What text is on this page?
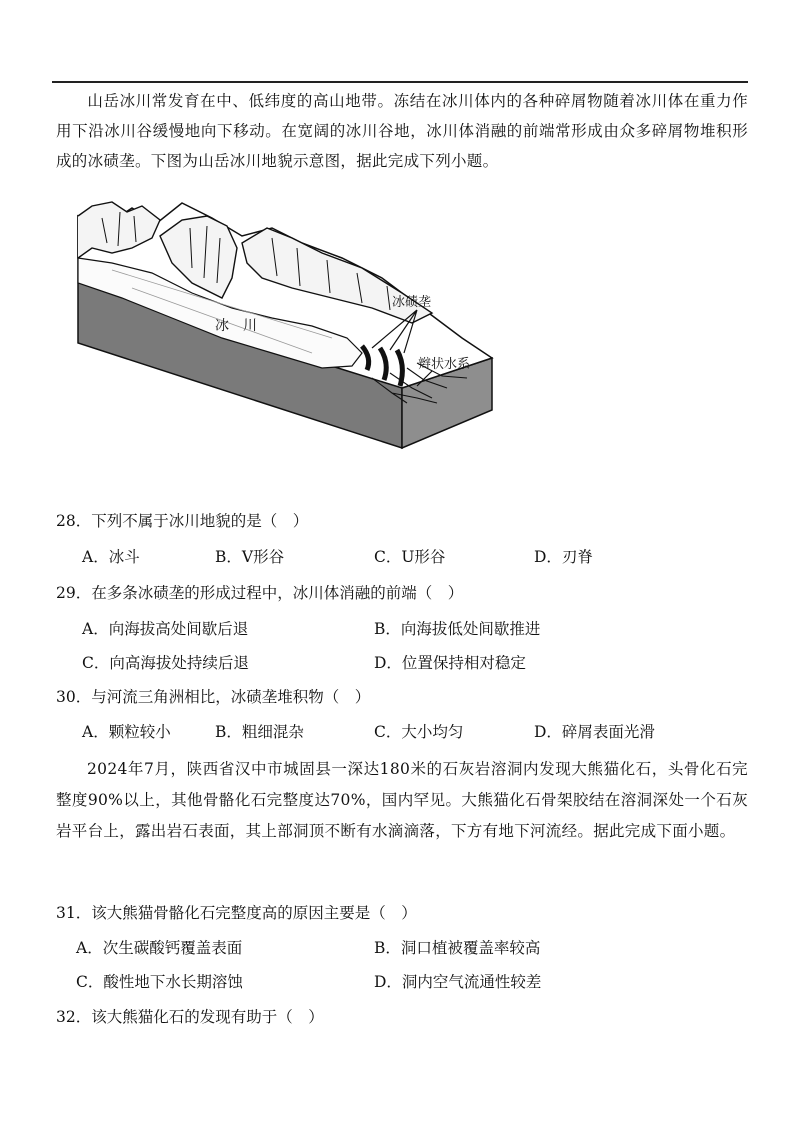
山岳冰川常发育在中、低纬度的高山地带。冻结在冰川体内的各种碎屑物随着冰川体在重力作用下沿冰川谷缓慢地向下移动。在宽阔的冰川谷地，冰川体消融的前端常形成由众多碎屑物堆积形成的冰碛垄。下图为山岳冰川地貌示意图，据此完成下列小题。
冰　川
冰碛垄
辫状水系
28．下列不属于冰川地貌的是（　）
A．冰斗	B．V形谷	C．U形谷	D．刃脊
29．在多条冰碛垄的形成过程中，冰川体消融的前端（　）
A．向海拔高处间歇后退	B．向海拔低处间歇推进
C．向高海拔处持续后退	D．位置保持相对稳定
30．与河流三角洲相比，冰碛垄堆积物（　）
A．颗粒较小	B．粗细混杂	C．大小均匀	D．碎屑表面光滑
2024年7月，陕西省汉中市城固县一深达180米的石灰岩溶洞内发现大熊猫化石，头骨化石完整度90%以上，其他骨骼化石完整度达70%，国内罕见。大熊猫化石骨架胶结在溶洞深处一个石灰岩平台上，露出岩石表面，其上部洞顶不断有水滴滴落，下方有地下河流经。据此完成下面小题。
31．该大熊猫骨骼化石完整度高的原因主要是（　）
A．次生碳酸钙覆盖表面	B．洞口植被覆盖率较高
C．酸性地下水长期溶蚀	D．洞内空气流通性较差
32．该大熊猫化石的发现有助于（　）
